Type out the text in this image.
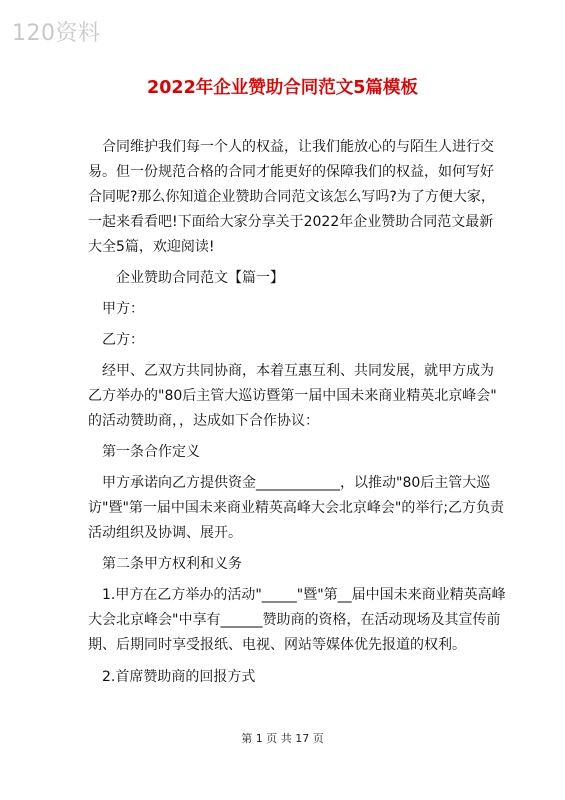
120资料
2022年企业赞助合同范文5篇模板
　合同维护我们每一个人的权益，让我们能放心的与陌生人进行交
易。但一份规范合格的合同才能更好的保障我们的权益，如何写好
合同呢?那么你知道企业赞助合同范文该怎么写吗?为了方便大家，
一起来看看吧!下面给大家分享关于2022年企业赞助合同范文最新
大全5篇，欢迎阅读!
　　企业赞助合同范文【篇一】
　甲方：
　乙方：
　经甲、乙双方共同协商，本着互惠互利、共同发展，就甲方成为
乙方举办的"80后主管大巡访暨第一届中国未来商业精英北京峰会"
的活动赞助商，，达成如下合作协议：
　第一条合作定义
　甲方承诺向乙方提供资金____________，以推动"80后主管大巡
访"暨"第一届中国未来商业精英高峰大会北京峰会"的举行;乙方负责
活动组织及协调、展开。
　第二条甲方权利和义务
　1.甲方在乙方举办的活动"_____"暨"第__届中国未来商业精英高峰
大会北京峰会"中享有______赞助商的资格，在活动现场及其宣传前
期、后期同时享受报纸、电视、网站等媒体优先报道的权利。
　2.首席赞助商的回报方式
第 1 页 共 17 页
